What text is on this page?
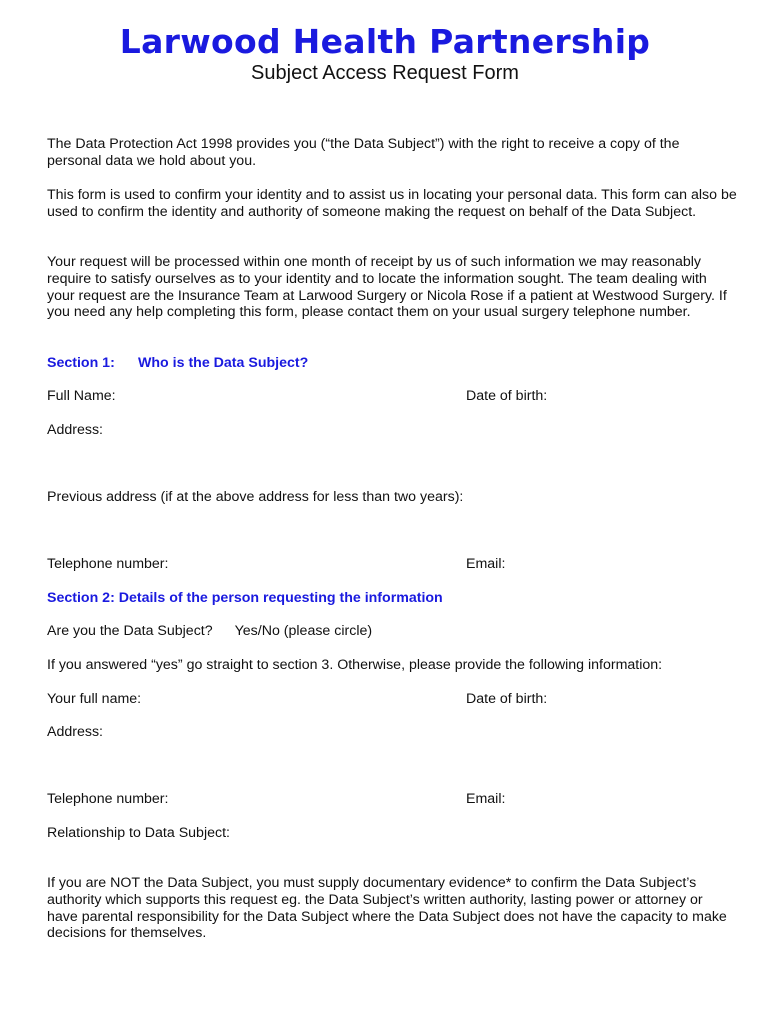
Larwood Health Partnership
Subject Access Request Form

The Data Protection Act 1998 provides you (“the Data Subject”) with the right to receive a copy of the personal data we hold about you.

This form is used to confirm your identity and to assist us in locating your personal data. This form can also be used to confirm the identity and authority of someone making the request on behalf of the Data Subject.

Your request will be processed within one month of receipt by us of such information we may reasonably require to satisfy ourselves as to your identity and to locate the information sought. The team dealing with your request are the Insurance Team at Larwood Surgery or Nicola Rose if a patient at Westwood Surgery. If you need any help completing this form, please contact them on your usual surgery telephone number.

Section 1: Who is the Data Subject?
Full Name:	Date of birth:
Address:
Previous address (if at the above address for less than two years):
Telephone number:	Email:
Section 2: Details of the person requesting the information
Are you the Data Subject? Yes/No (please circle)
If you answered “yes” go straight to section 3. Otherwise, please provide the following information:
Your full name:	Date of birth:
Address:
Telephone number:	Email:
Relationship to Data Subject:

If you are NOT the Data Subject, you must supply documentary evidence* to confirm the Data Subject’s authority which supports this request eg. the Data Subject’s written authority, lasting power or attorney or have parental responsibility for the Data Subject where the Data Subject does not have the capacity to make decisions for themselves.
